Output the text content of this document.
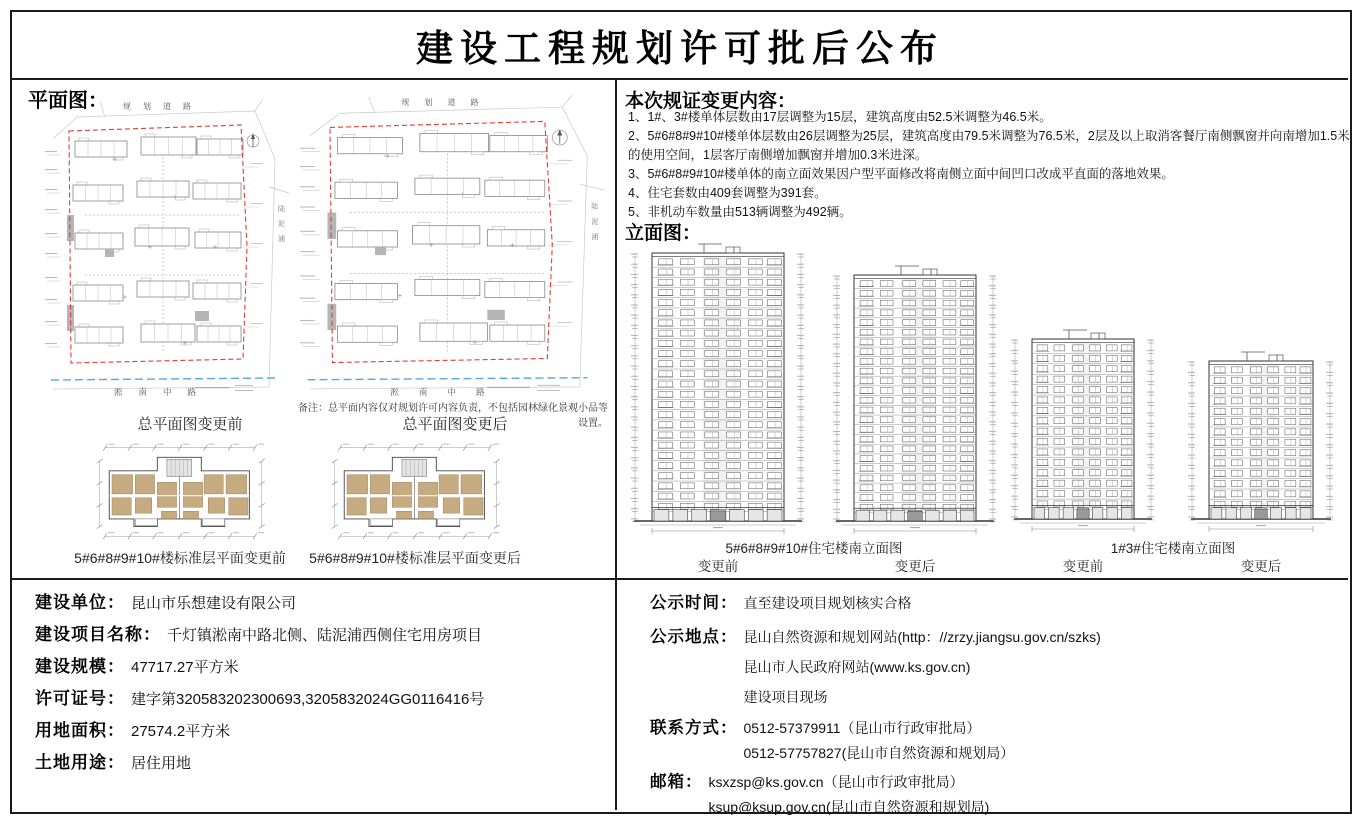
建设工程规划许可批后公布
平面图： 规划道路
淞南中路
陆泥浦
规划道路
淞南中路
陆泥浦
备注：总平面内容仅对规划许可内容负责，不包括园林绿化景观小品等设置。
总平面图变更前	总平面图变更后
5#6#8#9#10#楼标准层平面变更前 5#6#8#9#10#楼标准层平面变更后
本次规证变更内容：
1、1#、3#楼单体层数由17层调整为15层，建筑高度由52.5米调整为46.5米。
2、5#6#8#9#10#楼单体层数由26层调整为25层，建筑高度由79.5米调整为76.5米，2层及以上取消客餐厅南侧飘窗并向南增加1.5米的使用空间，1层客厅南侧增加飘窗并增加0.3米进深。
3、5#6#8#9#10#楼单体的南立面效果因户型平面修改将南侧立面中间凹口改成平直面的落地效果。
4、住宅套数由409套调整为391套。
5、非机动车数量由513辆调整为492辆。
立面图：
5#6#8#9#10#住宅楼南立面图	1#3#住宅楼南立面图
变更前	变更后	变更前	变更后
建设单位： 昆山市乐想建设有限公司
建设项目名称： 千灯镇淞南中路北侧、陆泥浦西侧住宅用房项目
建设规模： 47717.27平方米
许可证号： 建字第320583202300693,3205832024GG0116416号
用地面积： 27574.2平方米
土地用途： 居住用地
公示时间： 直至建设项目规划核实合格
公示地点： 昆山自然资源和规划网站(http：//zrzy.jiangsu.gov.cn/szks)
昆山市人民政府网站(www.ks.gov.cn)
建设项目现场
联系方式： 0512-57379911（昆山市行政审批局）
0512-57757827(昆山市自然资源和规划局）
邮箱： ksxzsp@ks.gov.cn（昆山市行政审批局）
ksup@ksup.gov.cn(昆山市自然资源和规划局)
